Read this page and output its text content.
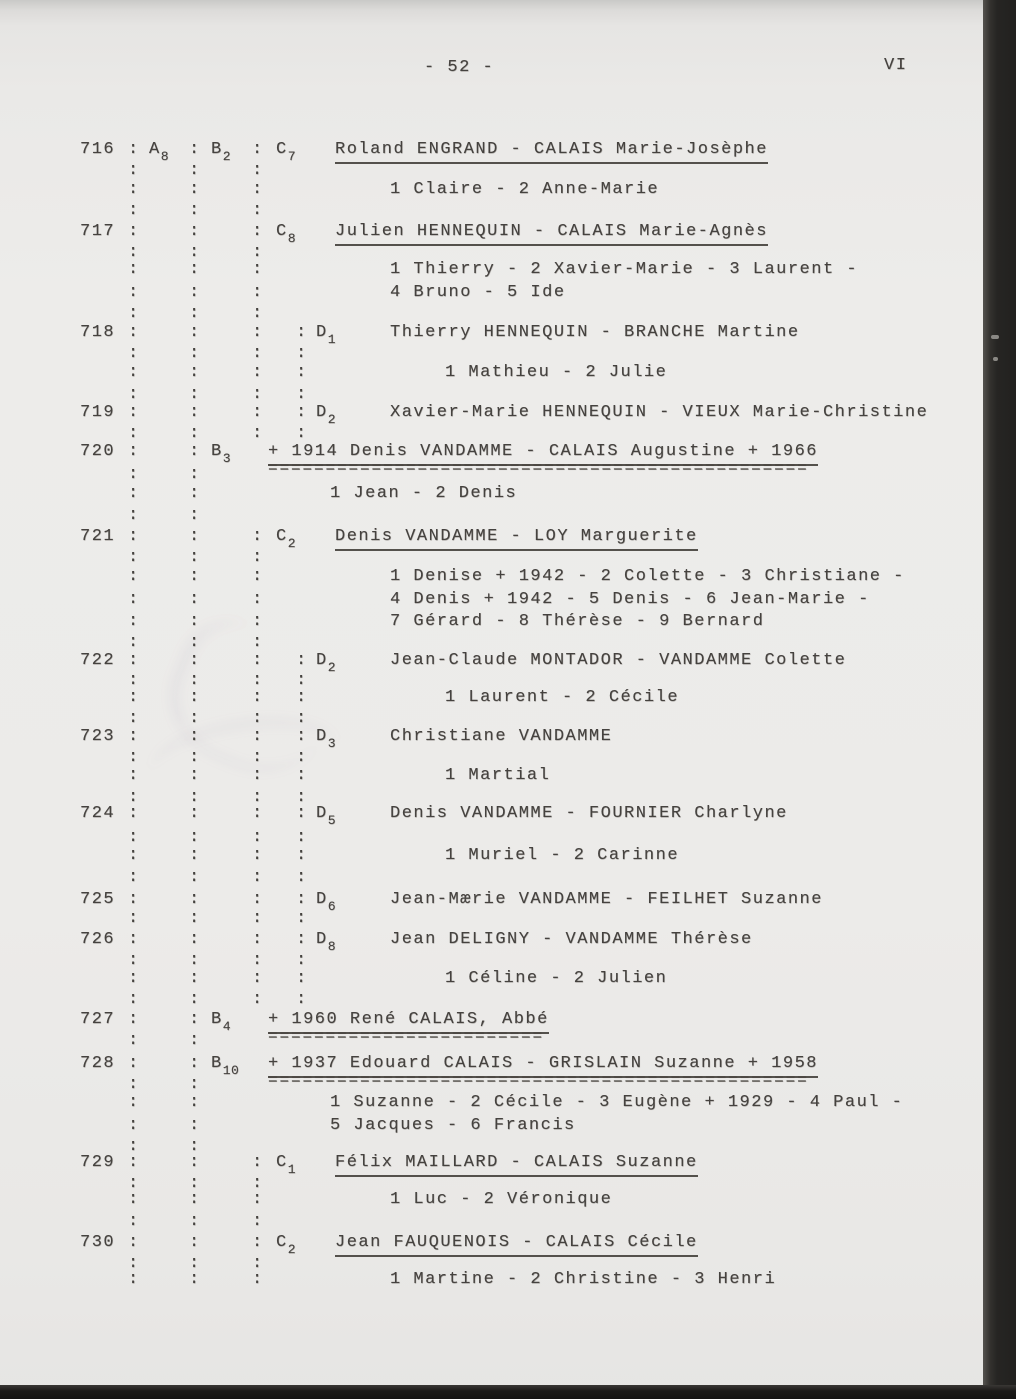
- 52 -	VI
716 : $A_8$ : $B_2$ : $C_7$ Roland ENGRAND - CALAIS Marie-Josèphe
1 Claire - 2 Anne-Marie
717 :	:	: $C_8$ Julien HENNEQUIN - CALAIS Marie-Agnès
1 Thierry - 2 Xavier-Marie - 3 Laurent -
4 Bruno - 5 Ide
718 :	:	: : $D_1$	Thierry HENNEQUIN - BRANCHE Martine
1 Mathieu - 2 Julie
719 :	:	: : $D_2$	Xavier-Marie HENNEQUIN - VIEUX Marie-Christine
720 :	: $B_3 + 1914$ Denis VANDAMME - CALAIS Augustine + 1966
===============================================
1 Jean - 2 Denis
721 :	:	: $C_2$ Denis VANDAMME - LOY Marguerite
1 Denise + 1942 - 2 Colette - 3 Christiane -
4 Denis + 1942 - 5 Denis - 6 Jean-Marie -
7 Gérard - 8 Thérèse - 9 Bernard
722 :	:	: : $D_2$	Jean-Claude MONTADOR - VANDAMME Colette
1 Laurent - 2 Cécile
723 :	:	: : $D_3$	Christiane VANDAMME
1 Martial
724 :	:	: : $D_5$	Denis VANDAMME - FOURNIER Charlyne
1 Muriel - 2 Carinne
725 :	:	: : $D_6$	Jean-Mærie VANDAMME - FEILHET Suzanne
726 :	:	: : $D_8$	Jean DELIGNY - VANDAMME Thérèse
1 Céline - 2 Julien
727 :	: $B_4 + 1960$ René CALAIS, Abbé
========================
728 :	: $B_{10} + 1937$ Edouard CALAIS - GRISLAIN Suzanne + 1958
===============================================
1 Suzanne - 2 Cécile - 3 Eugène + 1929 - 4 Paul -
5 Jacques - 6 Francis
729 :	:	: $C_1$ Félix MAILLARD - CALAIS Suzanne
1 Luc - 2 Véronique
730 :	:	: $C_2$ Jean FAUQUENOIS - CALAIS Cécile
1 Martine - 2 Christine - 3 Henri
:	:	:
:	:	:
:	:	:
:	:	:
:	:	:
:	:	:
:	:	:
:	:	: :
:	:	: :
:	:	: :
:	:	: :
:	:
:	:
:	:
:	:	:
:	:	:
:	:	:
:	:	:
:	:	:
:	:	: :
:	:	: :
:	:	: :
:	:	: :
:	:	: :
:	:	: :
:	:	: :
:	:	: :
:	:	: :
:	:	: :
:	:	: :
:	:	: :
:	:	: :
:	:
:	:
:	:
:	:
:	:
:	:	:
:	:	:
:	:	:
:	:	:
:	:	:
